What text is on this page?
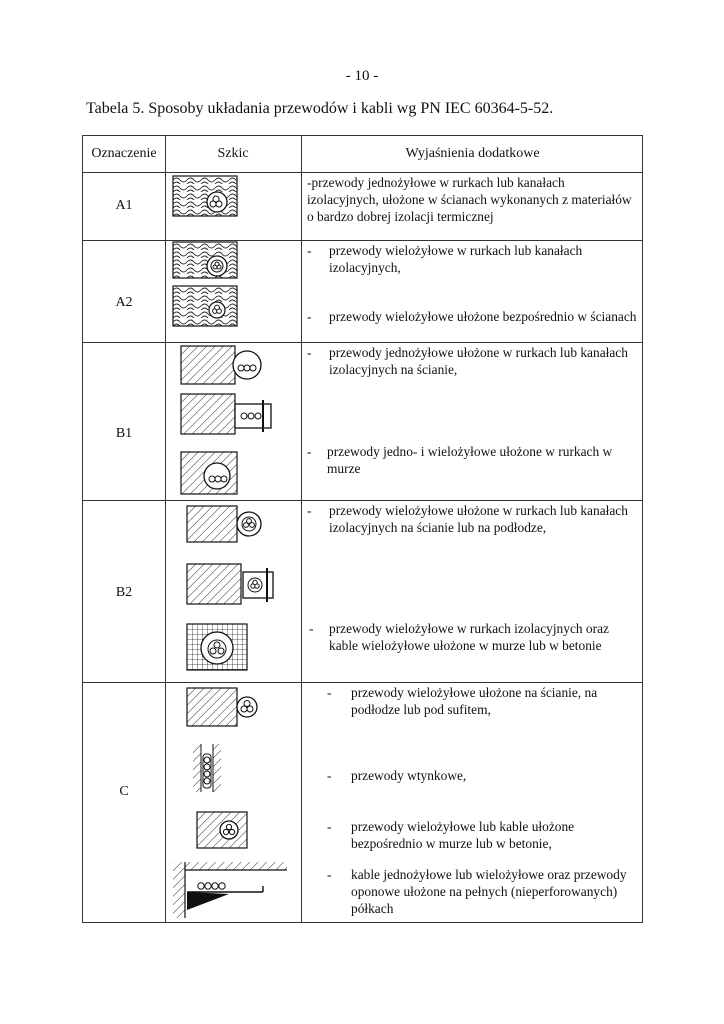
- 10 -
Tabela 5. Sposoby układania przewodów i kabli wg PN IEC 60364-5-52.
Oznaczenie	Szkic	Wyjaśnienia dodatkowe
A1
A2
B1
B2
C
-przewody jednożyłowe w rurkach lub kanałach izolacyjnych, ułożone w ścianach wykonanych z materiałów o bardzo dobrej izolacji termicznej
- przewody wielożyłowe w rurkach lub kanałach izolacyjnych,
- przewody wielożyłowe ułożone bezpośrednio w ścianach
- przewody jednożyłowe ułożone w rurkach lub kanałach izolacyjnych na ścianie,
- przewody jedno- i wielożyłowe ułożone w rurkach w murze
- przewody wielożyłowe ułożone w rurkach lub kanałach izolacyjnych na ścianie lub na podłodze,
- przewody wielożyłowe w rurkach izolacyjnych oraz kable wielożyłowe ułożone w murze lub w betonie
- przewody wielożyłowe ułożone na ścianie, na podłodze lub pod sufitem,
- przewody wtynkowe,
- przewody wielożyłowe lub kable ułożone bezpośrednio w murze lub w betonie,
- kable jednożyłowe lub wielożyłowe oraz przewody oponowe ułożone na pełnych (nieperforowanych) półkach
